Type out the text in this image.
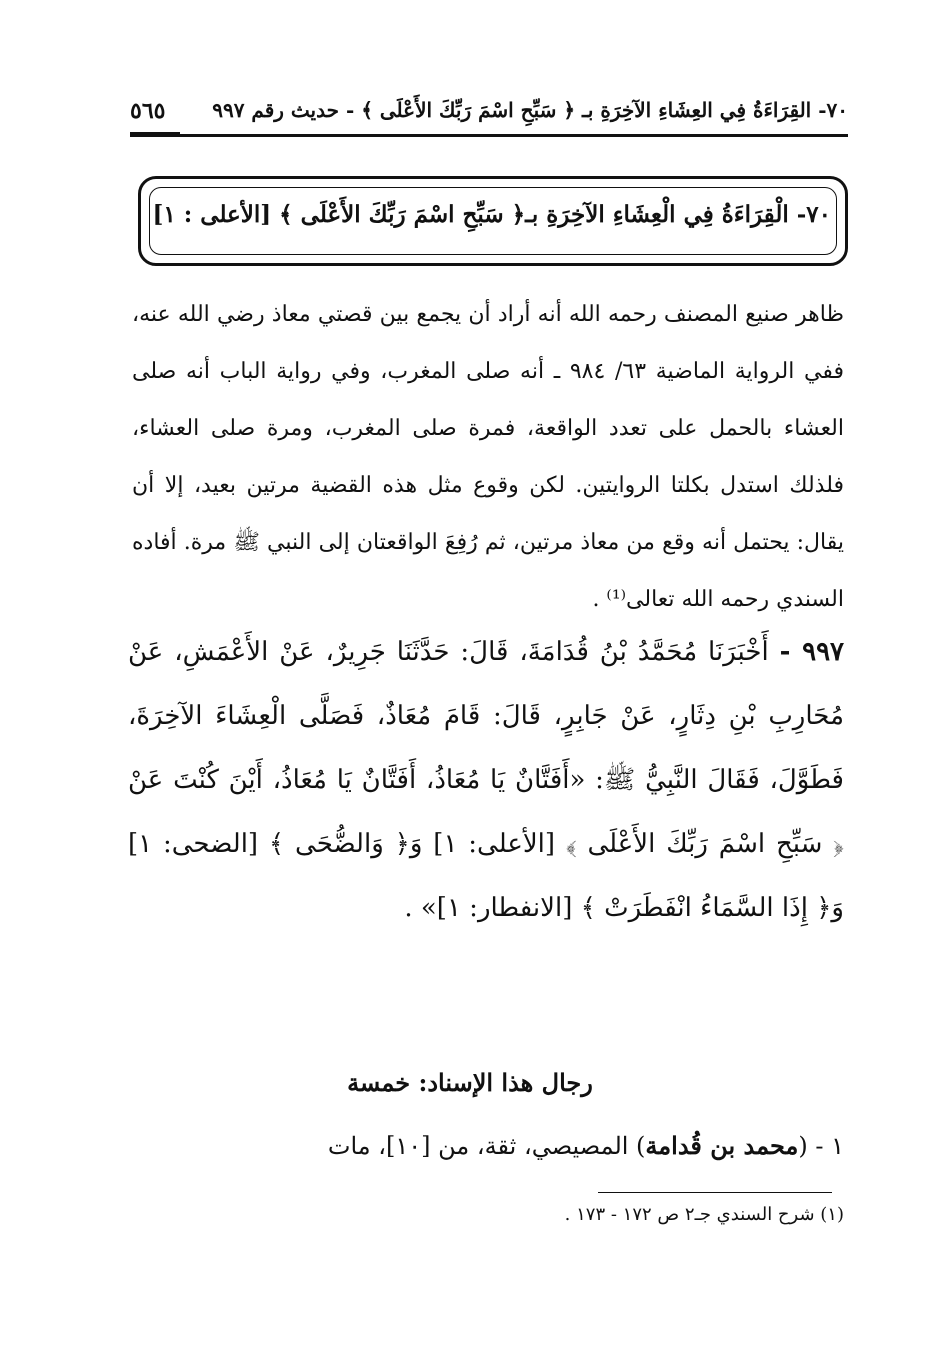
٧٠- القِرَاءَةُ فِي العِشَاءِ الآخِرَةِ بـ ﴿ سَبِّحِ اسْمَ رَبِّكَ الأَعْلَى ﴾ - حديث رقم ٩٩٧
٥٦٥
٧٠- الْقِرَاءَةُ فِي الْعِشَاءِ الآخِرَةِ بـ﴿ سَبِّحِ اسْمَ رَبِّكَ الأَعْلَى ﴾ [الأعلى : ١]
ظاهر صنيع المصنف رحمه الله أنه أراد أن يجمع بين قصتي معاذ رضي الله عنه، ففي الرواية الماضية ٦٣/ ٩٨٤ ـ أنه صلى المغرب، وفي رواية الباب أنه صلى العشاء بالحمل على تعدد الواقعة، فمرة صلى المغرب، ومرة صلى العشاء، فلذلك استدل بكلتا الروايتين. لكن وقوع مثل هذه القضية مرتين بعيد، إلا أن يقال: يحتمل أنه وقع من معاذ مرتين، ثم رُفِعَ الواقعتان إلى النبي ﷺ مرة. أفاده السندي رحمه الله تعالى⁽¹⁾ .
٩٩٧ - أَخْبَرَنَا مُحَمَّدُ بْنُ قُدَامَةَ، قَالَ: حَدَّثَنَا جَرِيرٌ، عَنْ الأَعْمَشِ، عَنْ مُحَارِبِ بْنِ دِثَارٍ، عَنْ جَابِرٍ، قَالَ: قَامَ مُعَاذٌ، فَصَلَّى الْعِشَاءَ الآخِرَةَ، فَطَوَّلَ، فَقَالَ النَّبِيُّ ﷺ: «أَفَتَّانٌ يَا مُعَاذُ، أَفَتَّانٌ يَا مُعَاذُ، أَيْنَ كُنْتَ عَنْ ﴿ سَبِّحِ اسْمَ رَبِّكَ الأَعْلَى ﴾ [الأعلى: ١] وَ﴿ وَالضُّحَى ﴾ [الضحى: ١] وَ﴿ إِذَا السَّمَاءُ انْفَطَرَتْ ﴾ [الانفطار: ١]» .
رجال هذا الإسناد: خمسة
١ - (محمد بن قُدامة) المصيصي، ثقة، من [١٠]، مات
(١) شرح السندي جـ٢ ص ١٧٢ - ١٧٣ .
